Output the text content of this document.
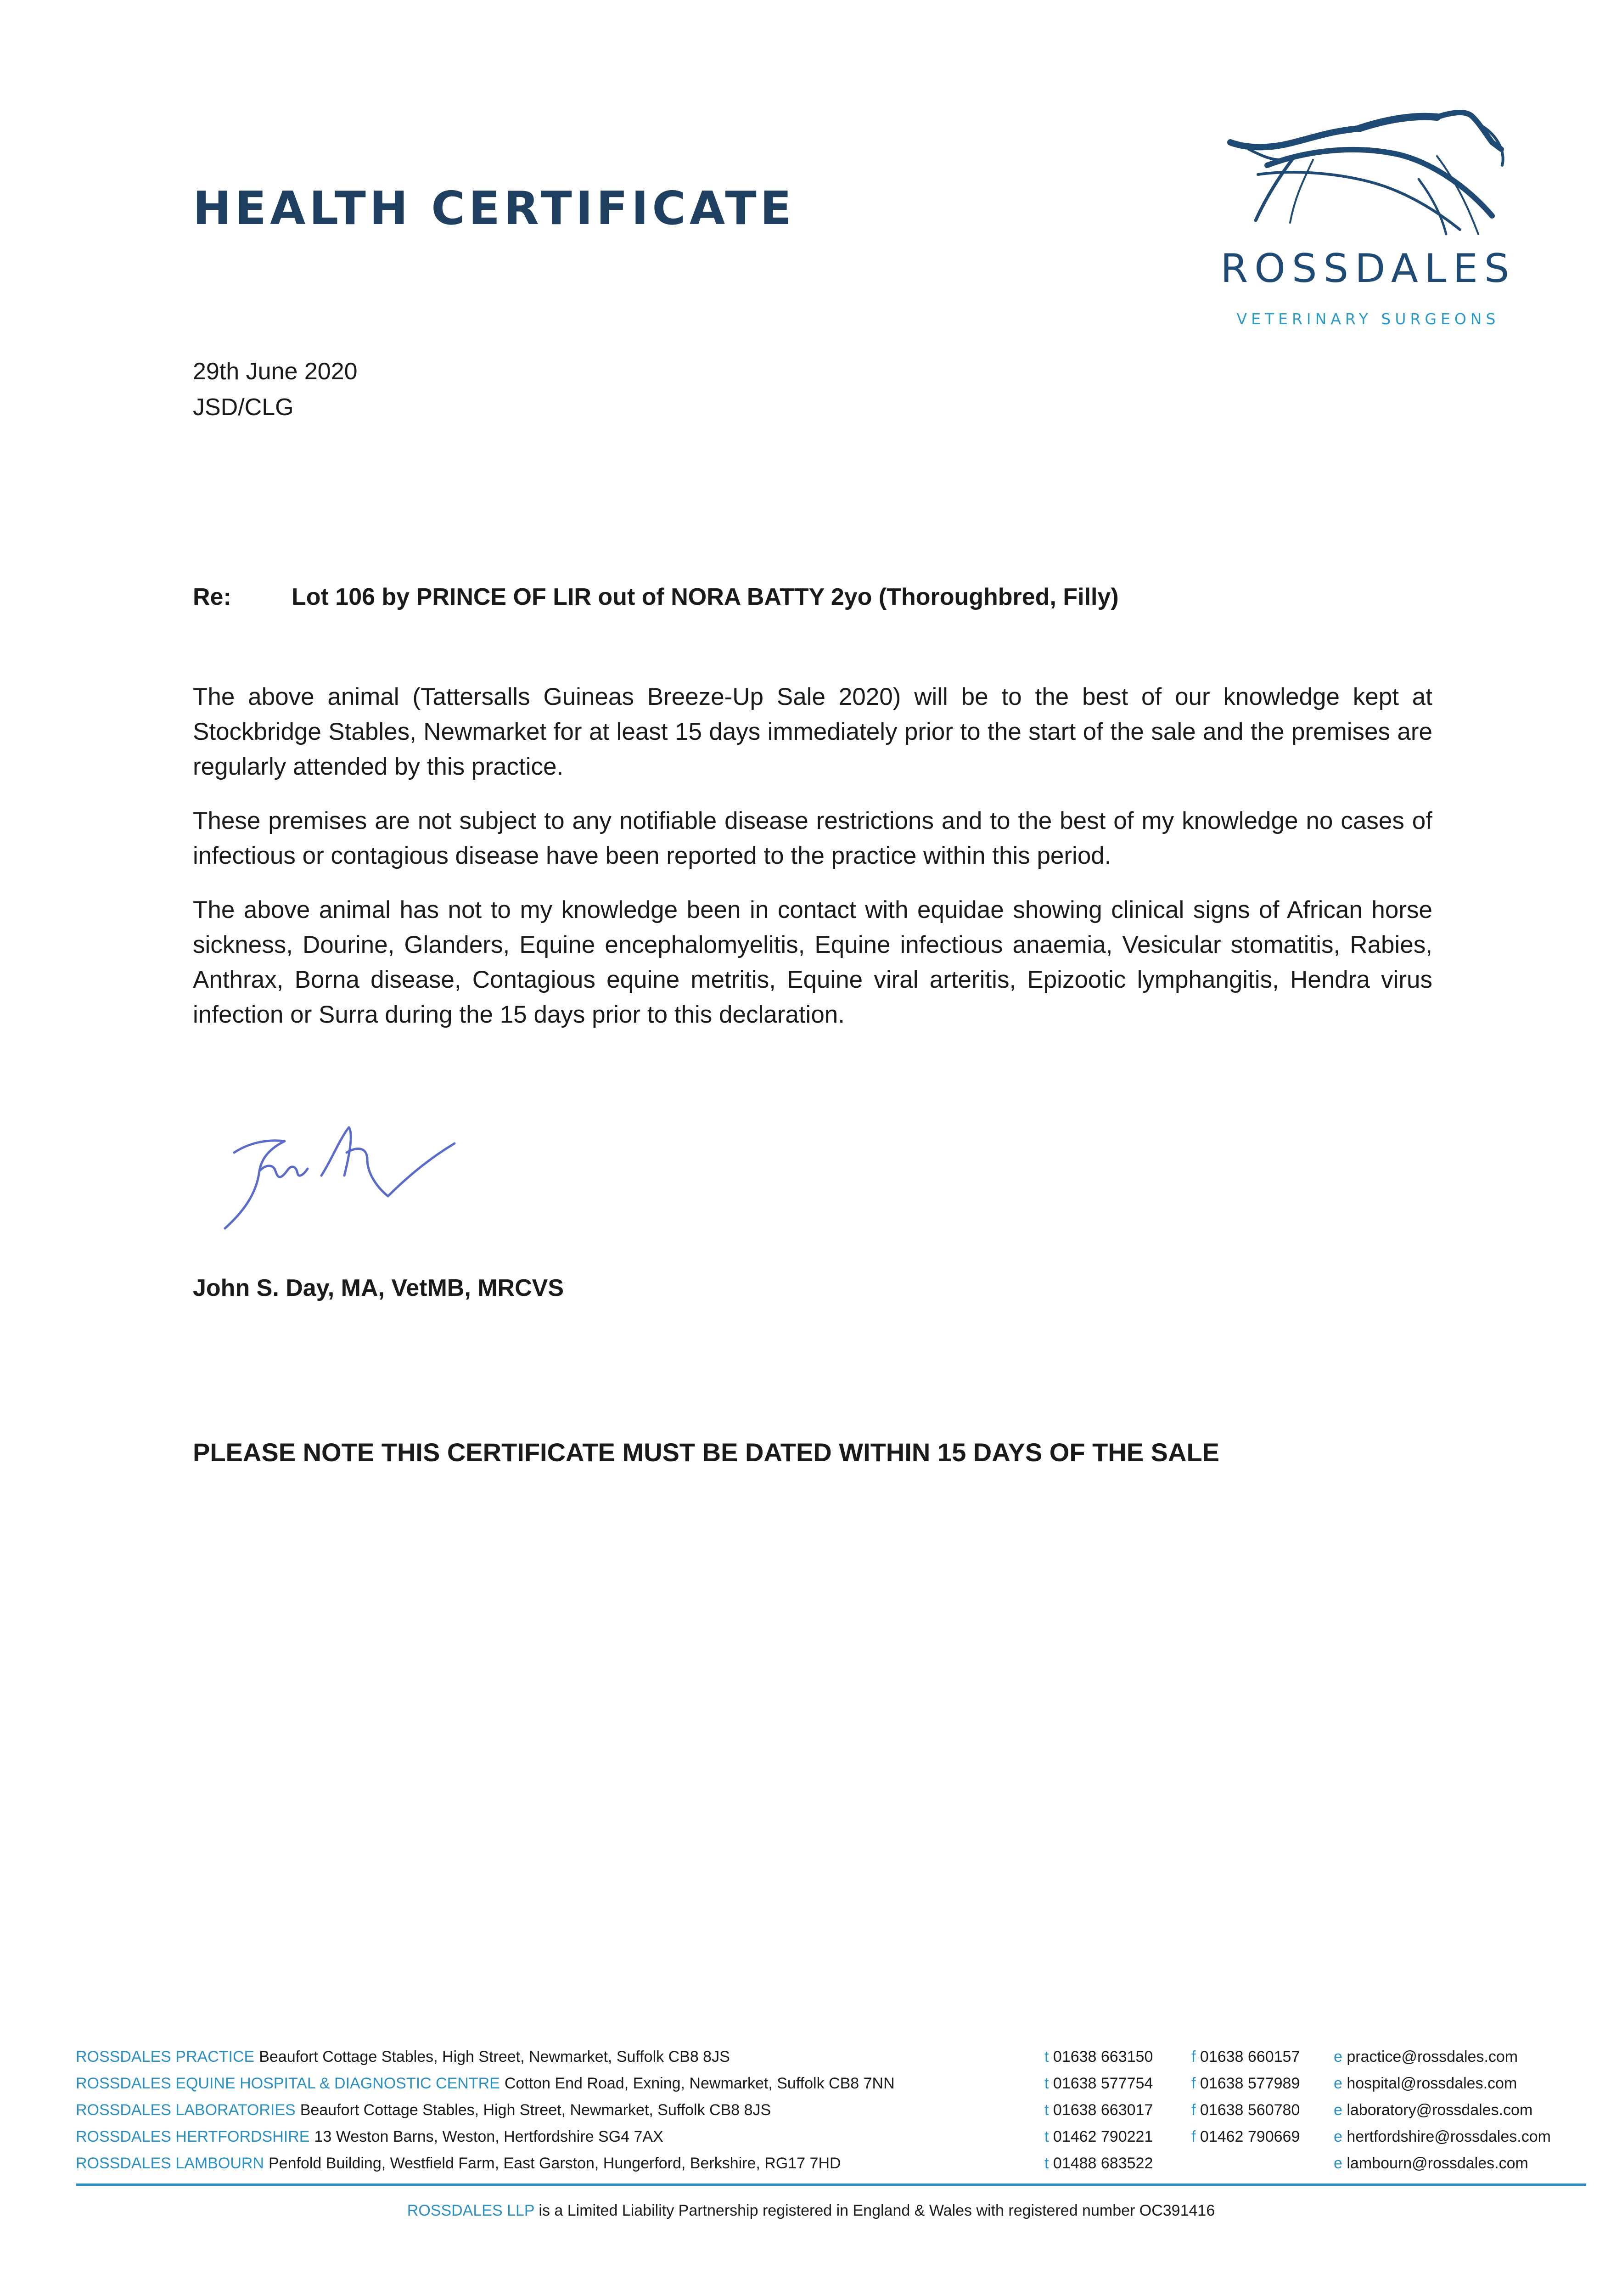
HEALTH CERTIFICATE
ROSSDALES
VETERINARY SURGEONS
29th June 2020
JSD/CLG
Re:	Lot 106 by PRINCE OF LIR out of NORA BATTY 2yo (Thoroughbred, Filly)

The above animal (Tattersalls Guineas Breeze-Up Sale 2020) will be to the best of our knowledge kept at Stockbridge Stables, Newmarket for at least 15 days immediately prior to the start of the sale and the premises are regularly attended by this practice.

These premises are not subject to any notifiable disease restrictions and to the best of my knowledge no cases of infectious or contagious disease have been reported to the practice within this period.

The above animal has not to my knowledge been in contact with equidae showing clinical signs of African horse sickness, Dourine, Glanders, Equine encephalomyelitis, Equine infectious anaemia, Vesicular stomatitis, Rabies, Anthrax, Borna disease, Contagious equine metritis, Equine viral arteritis, Epizootic lymphangitis, Hendra virus infection or Surra during the 15 days prior to this declaration.

John S. Day, MA, VetMB, MRCVS
PLEASE NOTE THIS CERTIFICATE MUST BE DATED WITHIN 15 DAYS OF THE SALE
ROSSDALES PRACTICE Beaufort Cottage Stables, High Street, Newmarket, Suffolk CB8 8JS	t 01638 663150 f 01638 660157 e practice@rossdales.com
ROSSDALES EQUINE HOSPITAL & DIAGNOSTIC CENTRE Cotton End Road, Exning, Newmarket, Suffolk CB8 7NN	t 01638 577754 f 01638 577989 e hospital@rossdales.com
ROSSDALES LABORATORIES Beaufort Cottage Stables, High Street, Newmarket, Suffolk CB8 8JS	t 01638 663017 f 01638 560780 e laboratory@rossdales.com
ROSSDALES HERTFORDSHIRE 13 Weston Barns, Weston, Hertfordshire SG4 7AX	t 01462 790221 f 01462 790669 e hertfordshire@rossdales.com
ROSSDALES LAMBOURN Penfold Building, Westfield Farm, East Garston, Hungerford, Berkshire, RG17 7HD	t 01488 683522	e lambourn@rossdales.com
ROSSDALES LLP is a Limited Liability Partnership registered in England & Wales with registered number OC391416
